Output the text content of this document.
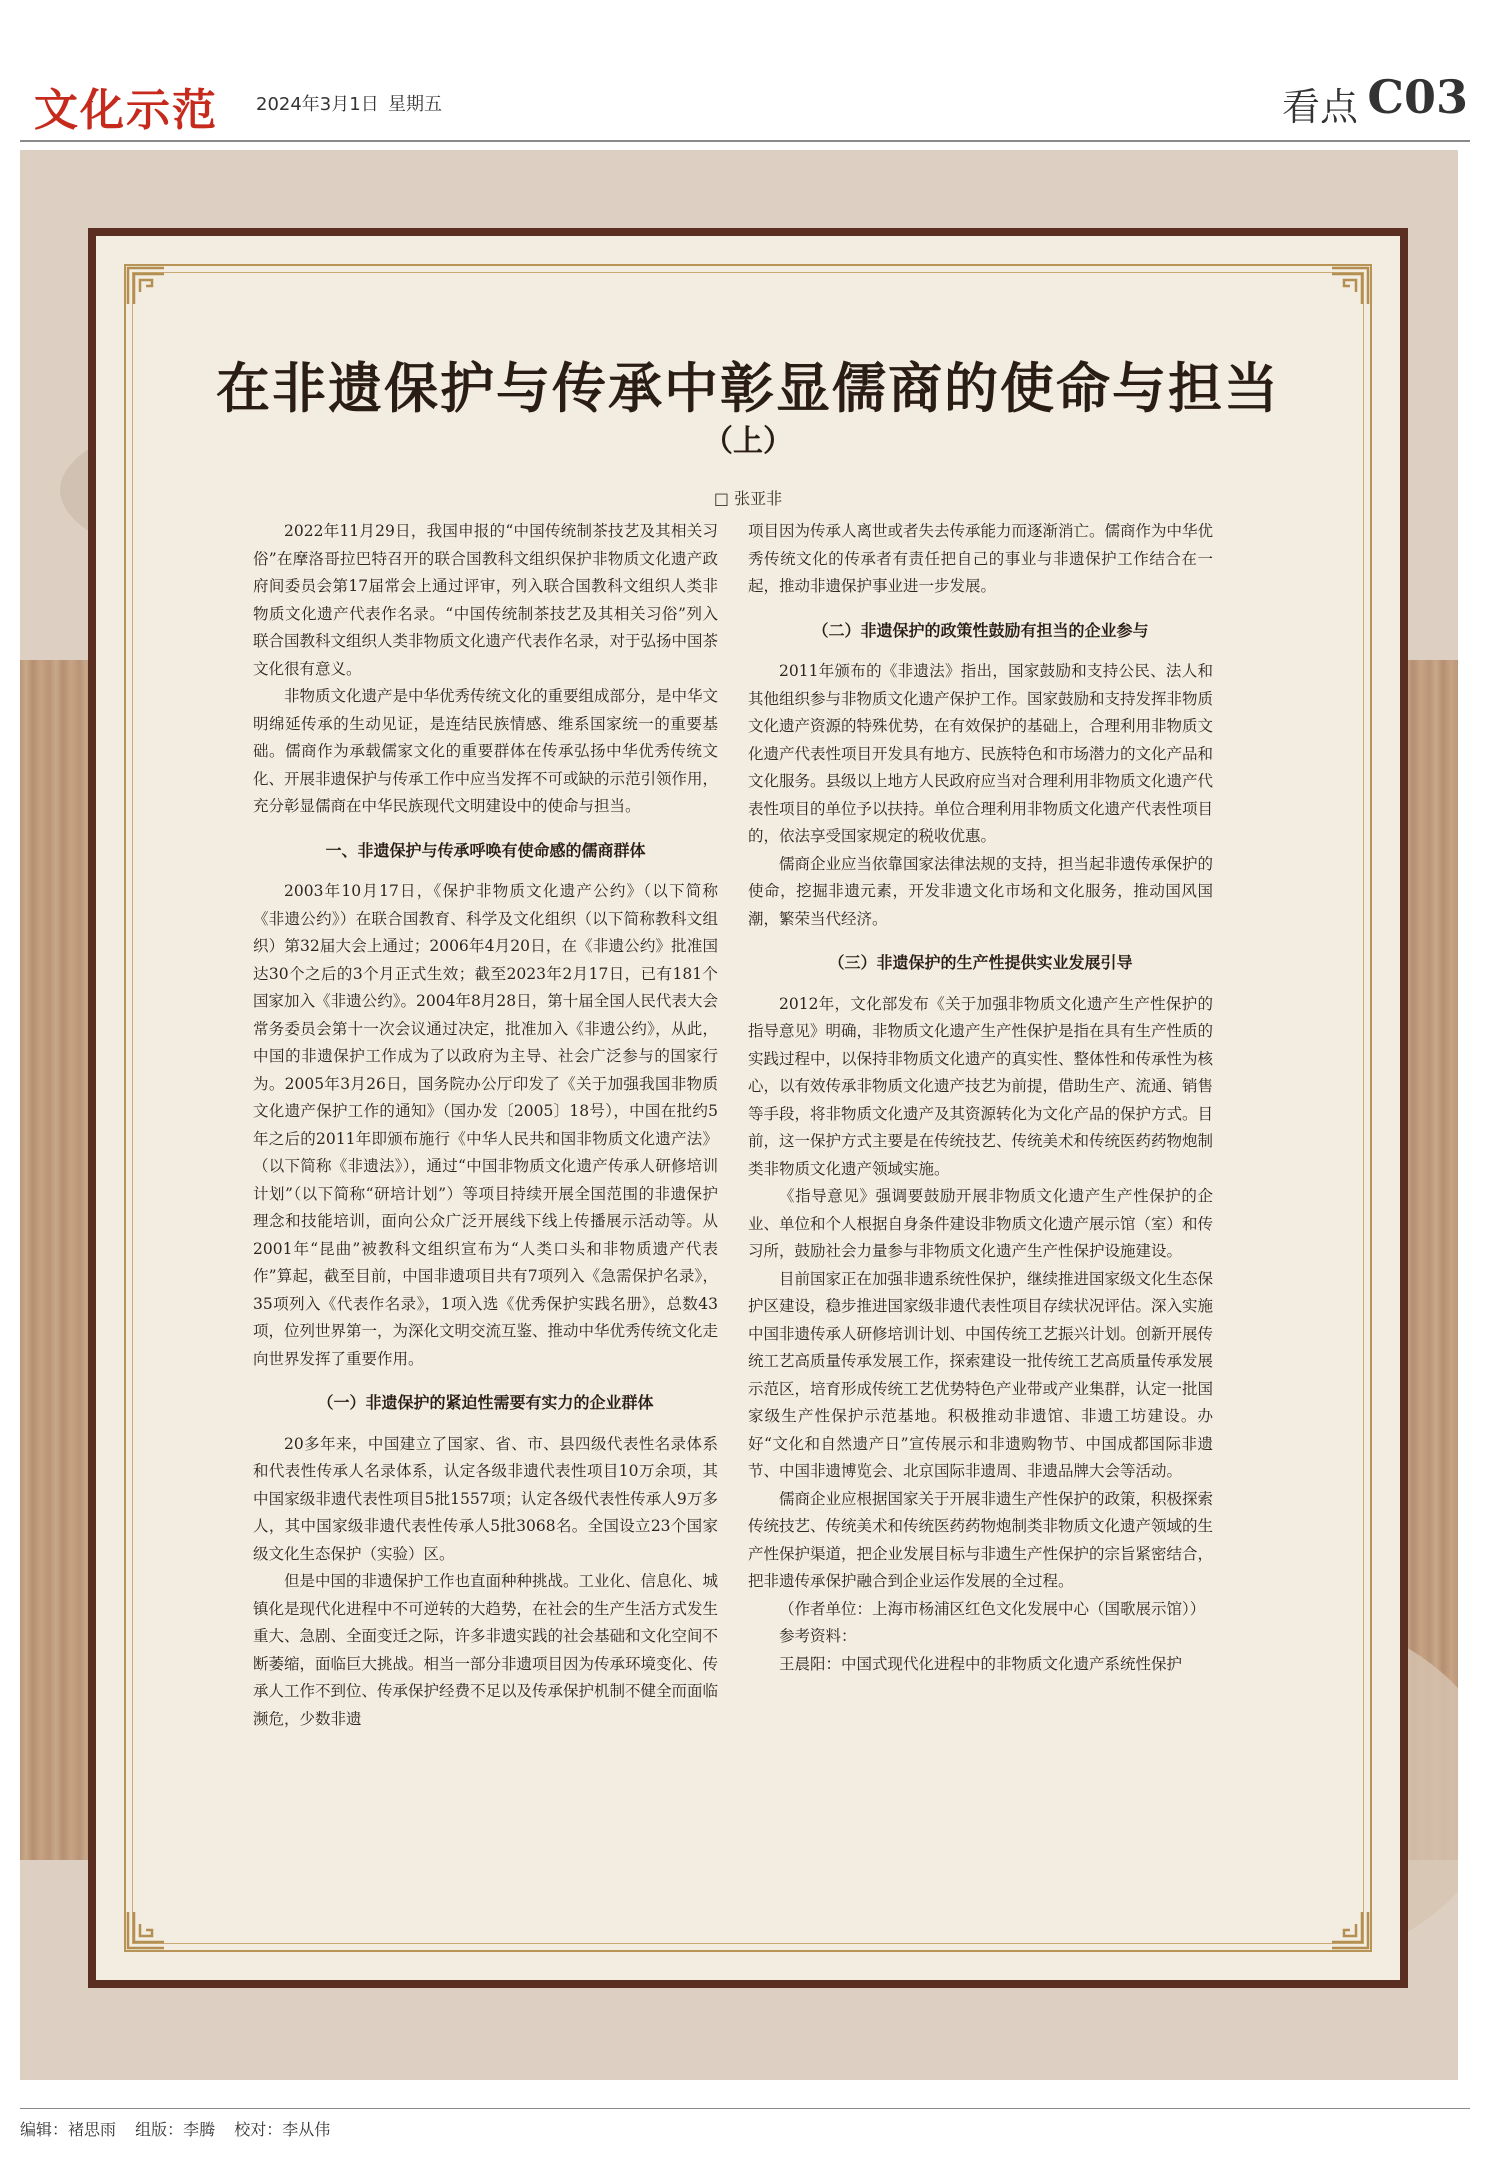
文化示范 2024年3月1日 星期五	看点 C03
在非遗保护与传承中彰显儒商的使命与担当
（上）
□ 张亚非

2022年11月29日，我国申报的“中国传统制茶技艺及其相关习俗”在摩洛哥拉巴特召开的联合国教科文组织保护非物质文化遗产政府间委员会第17届常会上通过评审，列入联合国教科文组织人类非物质文化遗产代表作名录。“中国传统制茶技艺及其相关习俗”列入联合国教科文组织人类非物质文化遗产代表作名录，对于弘扬中国茶文化很有意义。

非物质文化遗产是中华优秀传统文化的重要组成部分，是中华文明绵延传承的生动见证，是连结民族情感、维系国家统一的重要基础。儒商作为承载儒家文化的重要群体在传承弘扬中华优秀传统文化、开展非遗保护与传承工作中应当发挥不可或缺的示范引领作用，充分彰显儒商在中华民族现代文明建设中的使命与担当。

一、非遗保护与传承呼唤有使命感的儒商群体

2003年10月17日，《保护非物质文化遗产公约》（以下简称《非遗公约》）在联合国教育、科学及文化组织（以下简称教科文组织）第32届大会上通过；2006年4月20日，在《非遗公约》批准国达30个之后的3个月正式生效；截至2023年2月17日，已有181个国家加入《非遗公约》。2004年8月28日，第十届全国人民代表大会常务委员会第十一次会议通过决定，批准加入《非遗公约》，从此，中国的非遗保护工作成为了以政府为主导、社会广泛参与的国家行为。2005年3月26日，国务院办公厅印发了《关于加强我国非物质文化遗产保护工作的通知》（国办发〔2005〕18号），中国在批约5年之后的2011年即颁布施行《中华人民共和国非物质文化遗产法》（以下简称《非遗法》），通过“中国非物质文化遗产传承人研修培训计划”（以下简称“研培计划”）等项目持续开展全国范围的非遗保护理念和技能培训，面向公众广泛开展线下线上传播展示活动等。从2001年“昆曲”被教科文组织宣布为“人类口头和非物质遗产代表作”算起，截至目前，中国非遗项目共有7项列入《急需保护名录》，35项列入《代表作名录》，1项入选《优秀保护实践名册》，总数43项，位列世界第一，为深化文明交流互鉴、推动中华优秀传统文化走向世界发挥了重要作用。

（一）非遗保护的紧迫性需要有实力的企业群体

20多年来，中国建立了国家、省、市、县四级代表性名录体系和代表性传承人名录体系，认定各级非遗代表性项目10万余项，其中国家级非遗代表性项目5批1557项；认定各级代表性传承人9万多人，其中国家级非遗代表性传承人5批3068名。全国设立23个国家级文化生态保护（实验）区。

但是中国的非遗保护工作也直面种种挑战。工业化、信息化、城镇化是现代化进程中不可逆转的大趋势，在社会的生产生活方式发生重大、急剧、全面变迁之际，许多非遗实践的社会基础和文化空间不断萎缩，面临巨大挑战。相当一部分非遗项目因为传承环境变化、传承人工作不到位、传承保护经费不足以及传承保护机制不健全而面临濒危，少数非遗

项目因为传承人离世或者失去传承能力而逐渐消亡。儒商作为中华优秀传统文化的传承者有责任把自己的事业与非遗保护工作结合在一起，推动非遗保护事业进一步发展。

（二）非遗保护的政策性鼓励有担当的企业参与

2011年颁布的《非遗法》指出，国家鼓励和支持公民、法人和其他组织参与非物质文化遗产保护工作。国家鼓励和支持发挥非物质文化遗产资源的特殊优势，在有效保护的基础上，合理利用非物质文化遗产代表性项目开发具有地方、民族特色和市场潜力的文化产品和文化服务。县级以上地方人民政府应当对合理利用非物质文化遗产代表性项目的单位予以扶持。单位合理利用非物质文化遗产代表性项目的，依法享受国家规定的税收优惠。

儒商企业应当依靠国家法律法规的支持，担当起非遗传承保护的使命，挖掘非遗元素，开发非遗文化市场和文化服务，推动国风国潮，繁荣当代经济。

（三）非遗保护的生产性提供实业发展引导

2012年，文化部发布《关于加强非物质文化遗产生产性保护的指导意见》明确，非物质文化遗产生产性保护是指在具有生产性质的实践过程中，以保持非物质文化遗产的真实性、整体性和传承性为核心，以有效传承非物质文化遗产技艺为前提，借助生产、流通、销售等手段，将非物质文化遗产及其资源转化为文化产品的保护方式。目前，这一保护方式主要是在传统技艺、传统美术和传统医药药物炮制类非物质文化遗产领域实施。

《指导意见》强调要鼓励开展非物质文化遗产生产性保护的企业、单位和个人根据自身条件建设非物质文化遗产展示馆（室）和传习所，鼓励社会力量参与非物质文化遗产生产性保护设施建设。

目前国家正在加强非遗系统性保护，继续推进国家级文化生态保护区建设，稳步推进国家级非遗代表性项目存续状况评估。深入实施中国非遗传承人研修培训计划、中国传统工艺振兴计划。创新开展传统工艺高质量传承发展工作，探索建设一批传统工艺高质量传承发展示范区，培育形成传统工艺优势特色产业带或产业集群，认定一批国家级生产性保护示范基地。积极推动非遗馆、非遗工坊建设。办好“文化和自然遗产日”宣传展示和非遗购物节、中国成都国际非遗节、中国非遗博览会、北京国际非遗周、非遗品牌大会等活动。

儒商企业应根据国家关于开展非遗生产性保护的政策，积极探索传统技艺、传统美术和传统医药药物炮制类非物质文化遗产领域的生产性保护渠道，把企业发展目标与非遗生产性保护的宗旨紧密结合，把非遗传承保护融合到企业运作发展的全过程。

（作者单位：上海市杨浦区红色文化发展中心（国歌展示馆））

参考资料：

王晨阳：中国式现代化进程中的非物质文化遗产系统性保护

编辑：褚思雨 组版：李腾 校对：李从伟
